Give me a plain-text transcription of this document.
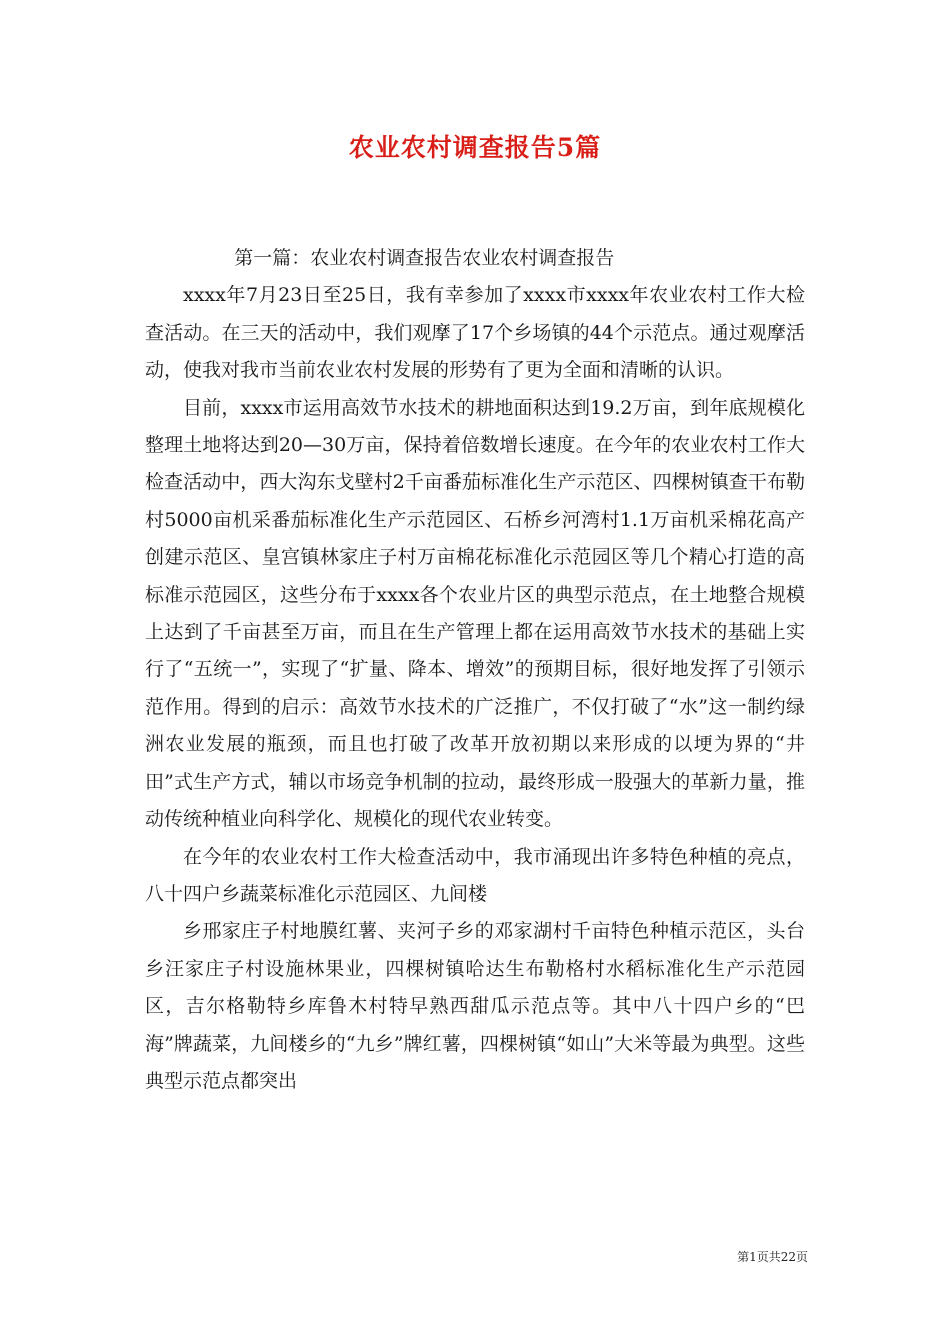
农业农村调查报告5篇

第一篇：农业农村调查报告农业农村调查报告

xxxx年7月23日至25日，我有幸参加了xxxx市xxxx年农业农村工作大检查活动。在三天的活动中，我们观摩了17个乡场镇的44个示范点。通过观摩活动，使我对我市当前农业农村发展的形势有了更为全面和清晰的认识。

目前，xxxx市运用高效节水技术的耕地面积达到19.2万亩，到年底规模化整理土地将达到20—30万亩，保持着倍数增长速度。在今年的农业农村工作大检查活动中，西大沟东戈壁村2千亩番茄标准化生产示范区、四棵树镇查干布勒村5000亩机采番茄标准化生产示范园区、石桥乡河湾村1.1万亩机采棉花高产创建示范区、皇宫镇林家庄子村万亩棉花标准化示范园区等几个精心打造的高标准示范园区，这些分布于xxxx各个农业片区的典型示范点，在土地整合规模上达到了千亩甚至万亩，而且在生产管理上都在运用高效节水技术的基础上实行了“五统一”，实现了“扩量、降本、增效”的预期目标，很好地发挥了引领示范作用。得到的启示：高效节水技术的广泛推广，不仅打破了“水”这一制约绿洲农业发展的瓶颈，而且也打破了改革开放初期以来形成的以埂为界的“井田”式生产方式，辅以市场竞争机制的拉动，最终形成一股强大的革新力量，推动传统种植业向科学化、规模化的现代农业转变。

在今年的农业农村工作大检查活动中，我市涌现出许多特色种植的亮点，八十四户乡蔬菜标准化示范园区、九间楼

乡邢家庄子村地膜红薯、夹河子乡的邓家湖村千亩特色种植示范区，头台乡汪家庄子村设施林果业，四棵树镇哈达生布勒格村水稻标准化生产示范园区，吉尔格勒特乡库鲁木村特早熟西甜瓜示范点等。其中八十四户乡的“巴海”牌蔬菜，九间楼乡的“九乡”牌红薯，四棵树镇“如山”大米等最为典型。这些典型示范点都突出

第1页共22页
